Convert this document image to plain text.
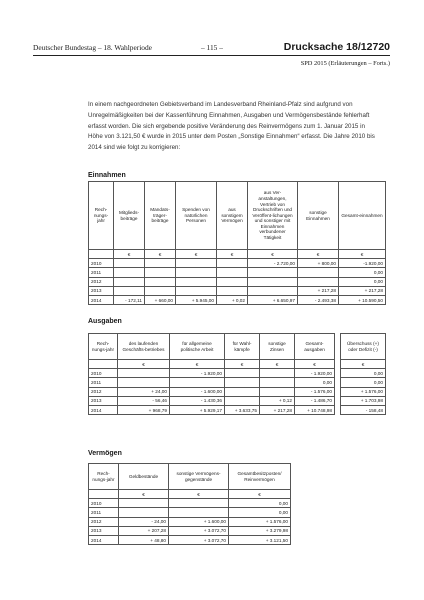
Deutscher Bundestag – 18. Wahlperiode	– 115 –	Drucksache 18/12720
SPD 2015 (Erläuterungen – Forts.)

In einem nachgeordneten Gebietsverband im Landesverband Rheinland-Pfalz sind aufgrund von Unregelmäßigkeiten bei der Kassenführung Einnahmen, Ausgaben und Vermögensbestände fehlerhaft erfasst worden. Die sich ergebende positive Veränderung des Reinvermögens zum 1. Januar 2015 in Höhe von 3.121,50 € wurde in 2015 unter dem Posten „Sonstige Einnahmen“ erfasst. Die Jahre 2010 bis 2014 sind wie folgt zu korrigieren:

Einnahmen
Rech-nungs-jahr	Mitglieds-beiträge	Mandats-träger-beiträge	Spenden von natürlichen Personen	aus sonstigem Vermögen	aus Ver-anstaltungen, Vertrieb von Druckschriften und Veröffent-lichungen und sonstiger mit Einnahmen verbundener Tätigkeit	sonstige Einnahmen	Gesamt-einnahmen
	€	€	€	€	€	€	€
2010					- 2.720,00	+ 800,00	-1.920,00
2011							0,00
2012							0,00
2013						+ 217,28	+ 217,28
2014	- 172,11	+ 660,00	+ 5.945,00	+ 0,02	+ 6.650,97	- 2.493,38	+ 10.590,50
Ausgaben
Rech-nungs-jahr	des laufenden Geschäfts-betriebes	für allgemeine politische Arbeit	für Wahl-kämpfe	sonstige Zinsen	Gesamt-ausgaben		Überschuss (+) oder Defizit (-)
	€	€	€	€	€		€
2010		- 1.920,00			- 1.920,00		0,00
2011					0,00		0,00
2012	+ 24,00	- 1.600,00			- 1.576,00		+ 1.576,00
2013	- 56,46	- 1.430,36		+ 0,12	- 1.486,70		+ 1.703,98
2014	+ 968,79	+ 5.929,17	+ 3.633,75	+ 217,28	+ 10.748,98		- 158,48
Vermögen
Rech-nungs-jahr	Geldbestände	sonstige Vermögens-gegenstände	Gesamtbesitzposten/ Reinvermögen
	€	€	€
2010			0,00
2011			0,00
2012	- 24,00	+ 1.600,00	+ 1.576,00
2013	+ 207,28	+ 3.072,70	+ 3.279,98
2014	+ 48,80	+ 3.072,70	+ 3.121,50
